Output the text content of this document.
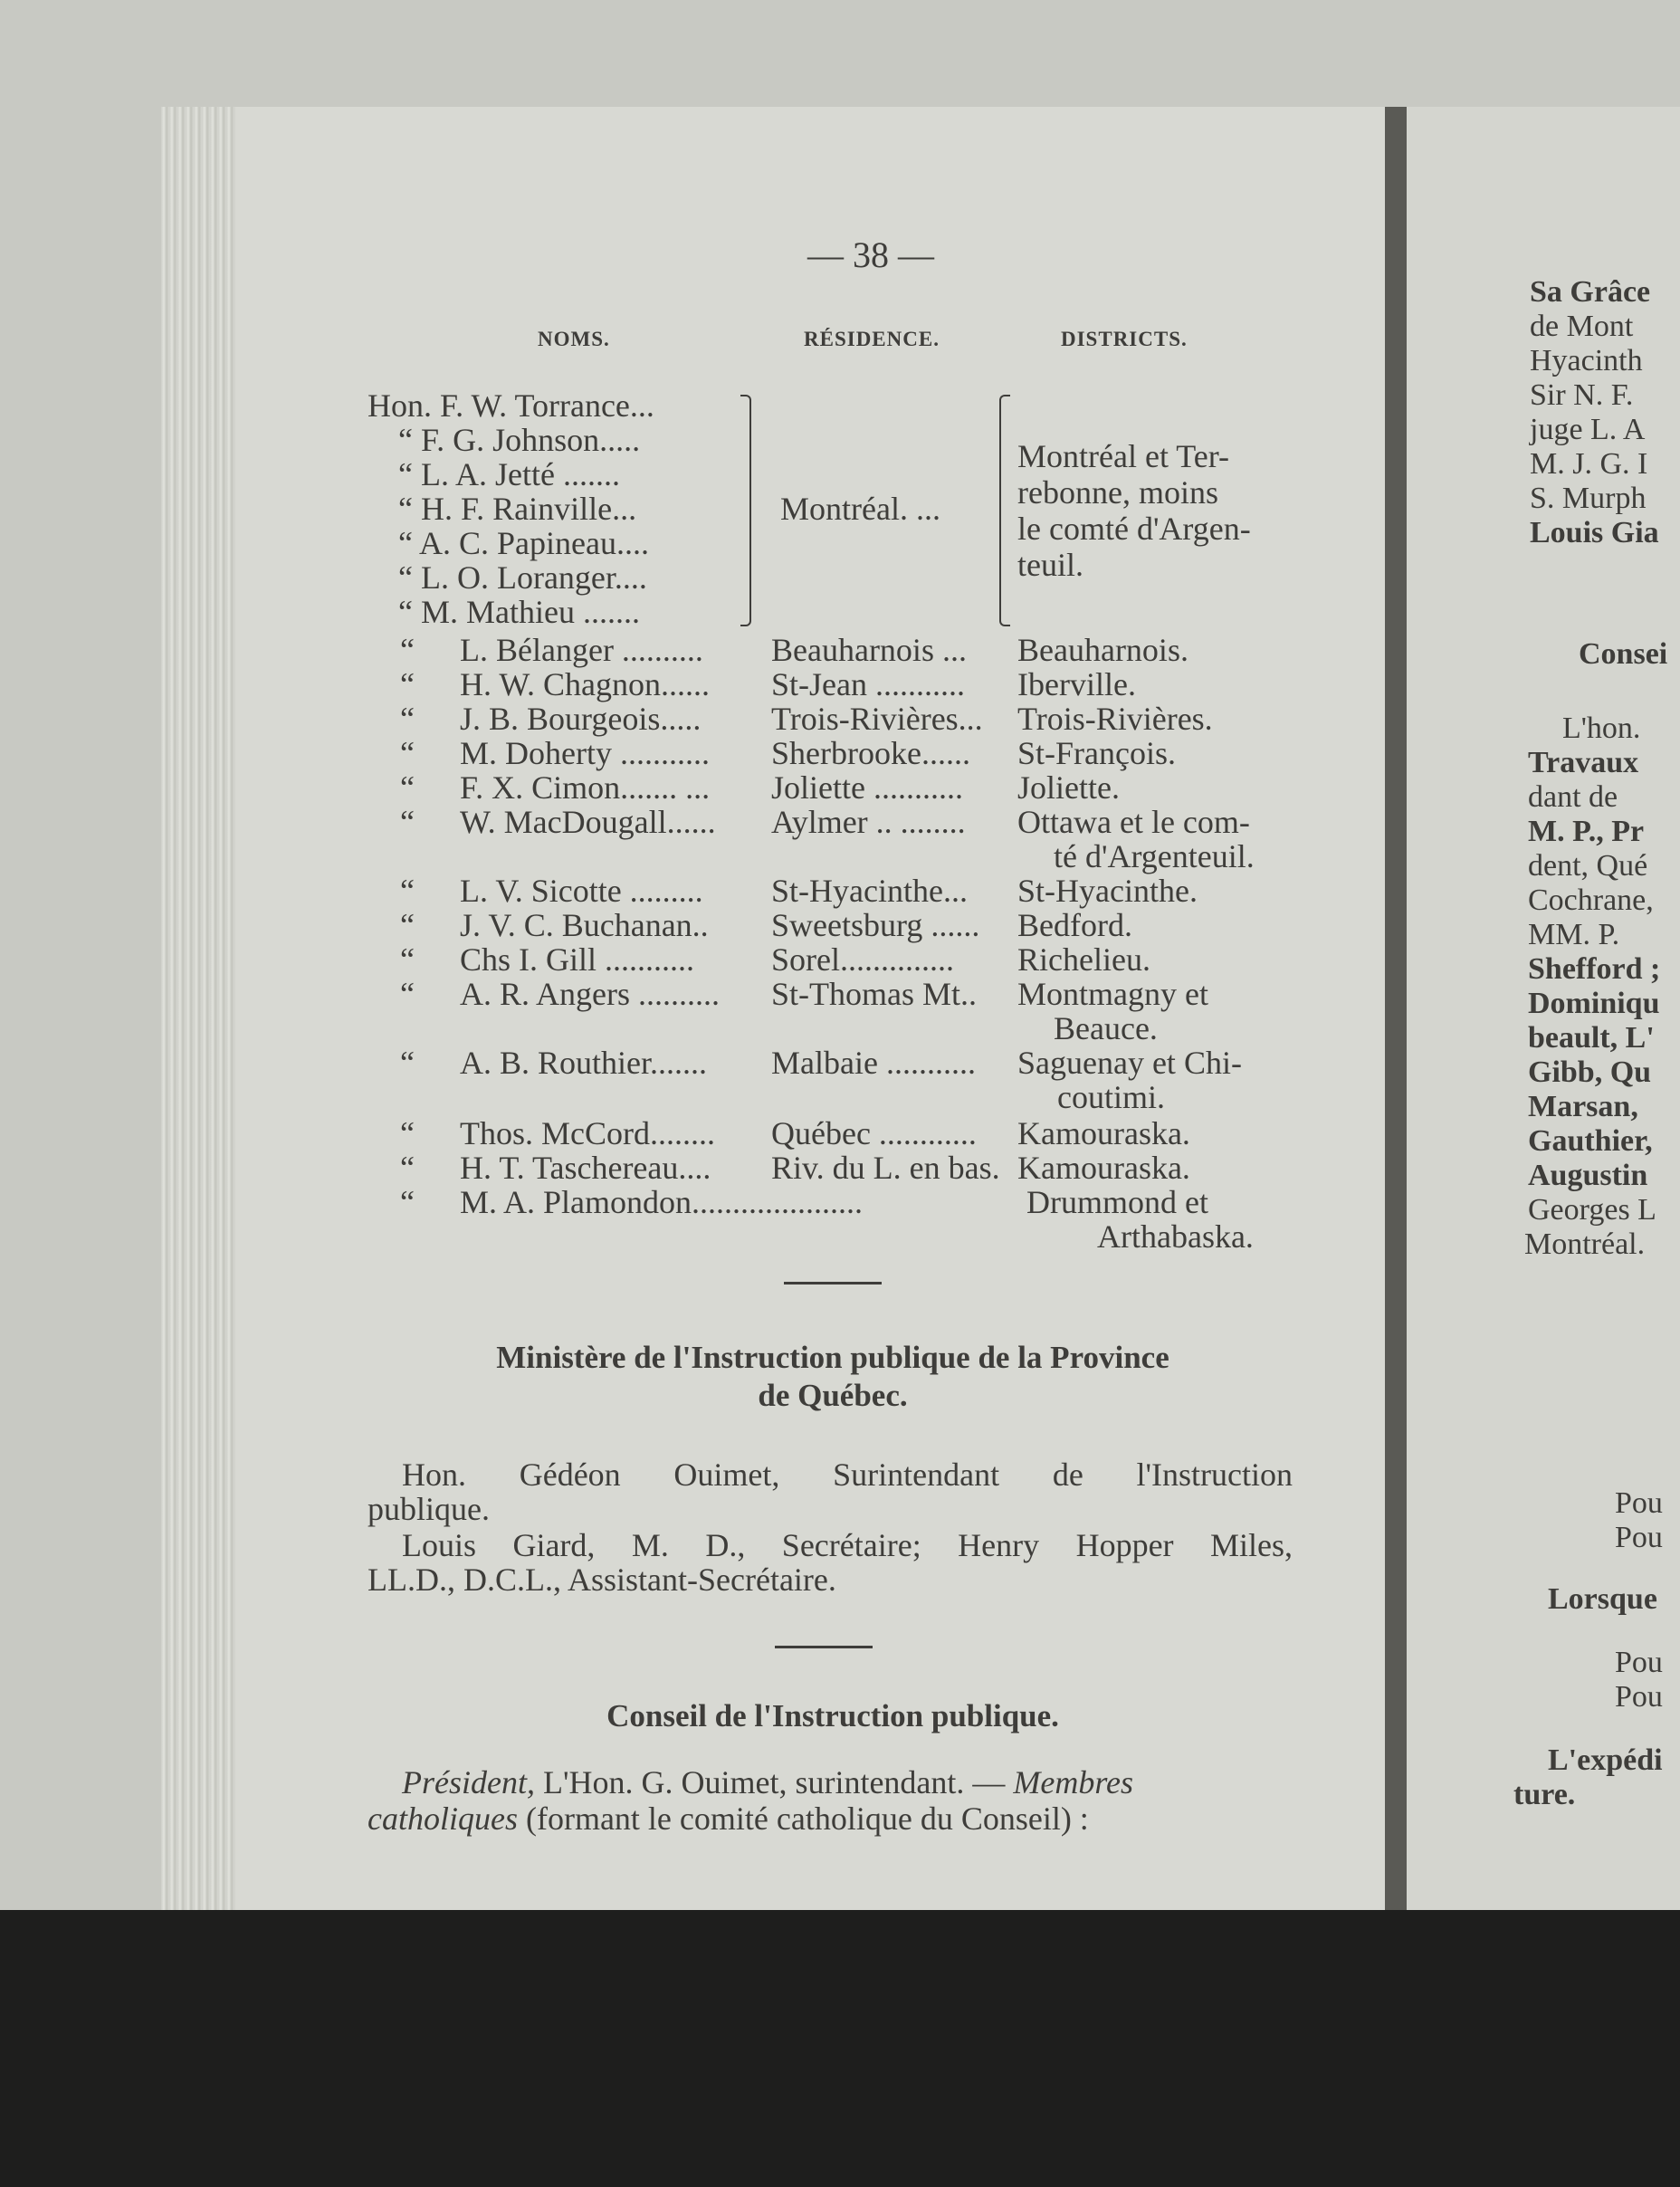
— 38 —
NOMS.	RÉSIDENCE.	DISTRICTS.
Hon. F. W. Torrance...
“ F. G. Johnson.....
“ L. A. Jetté .......
“ H. F. Rainville...
“ A. C. Papineau....
“ L. O. Loranger....
“ M. Mathieu .......
Montréal. ...
Montréal et Ter-
rebonne, moins
le comté d'Argen-
teuil.
“ L. Bélanger .......... Beauharnois ... Beauharnois.
“ H. W. Chagnon...... St-Jean ........... Iberville.
“ J. B. Bourgeois..... Trois-Rivières... Trois-Rivières.
“ M. Doherty ........... Sherbrooke...... St-François.
“ F. X. Cimon....... ... Joliette ........... Joliette.
“ W. MacDougall...... Aylmer .. ........ Ottawa et le com-
té d'Argenteuil.
“ L. V. Sicotte ......... St-Hyacinthe... St-Hyacinthe.
“ J. V. C. Buchanan.. Sweetsburg ...... Bedford.
“ Chs I. Gill ........... Sorel.............. Richelieu.
“ A. R. Angers .......... St-Thomas Mt.. Montmagny et
Beauce.
“ A. B. Routhier....... Malbaie ........... Saguenay et Chi-
coutimi.
“ Thos. McCord........ Québec ............ Kamouraska.
“ H. T. Taschereau.... Riv. du L. en bas. Kamouraska.
“ M. A. Plamondon.....................	Drummond et
Arthabaska.
Ministère de l'Instruction publique de la Province
de Québec.
Hon. Gédéon Ouimet, Surintendant de l'Instruction
publique.
Louis Giard, M. D., Secrétaire; Henry Hopper Miles,
LL.D., D.C.L., Assistant-Secrétaire.
Conseil de l'Instruction publique.
Président, L'Hon. G. Ouimet, surintendant. — Membres
catholiques (formant le comité catholique du Conseil) :
Sa Grâce
de Mont
Hyacinth
Sir N. F.
juge L. A
M. J. G. I
S. Murph
Louis Gia
Consei
L'hon.
Travaux
dant de
M. P., Pr
dent, Qué
Cochrane,
MM. P.
Shefford ;
Dominiqu
beault, L'
Gibb, Qu
Marsan,
Gauthier,
Augustin
Georges L
Montréal.
Pou
Pou
Lorsque
Pou
Pou
L'expédi
ture.
